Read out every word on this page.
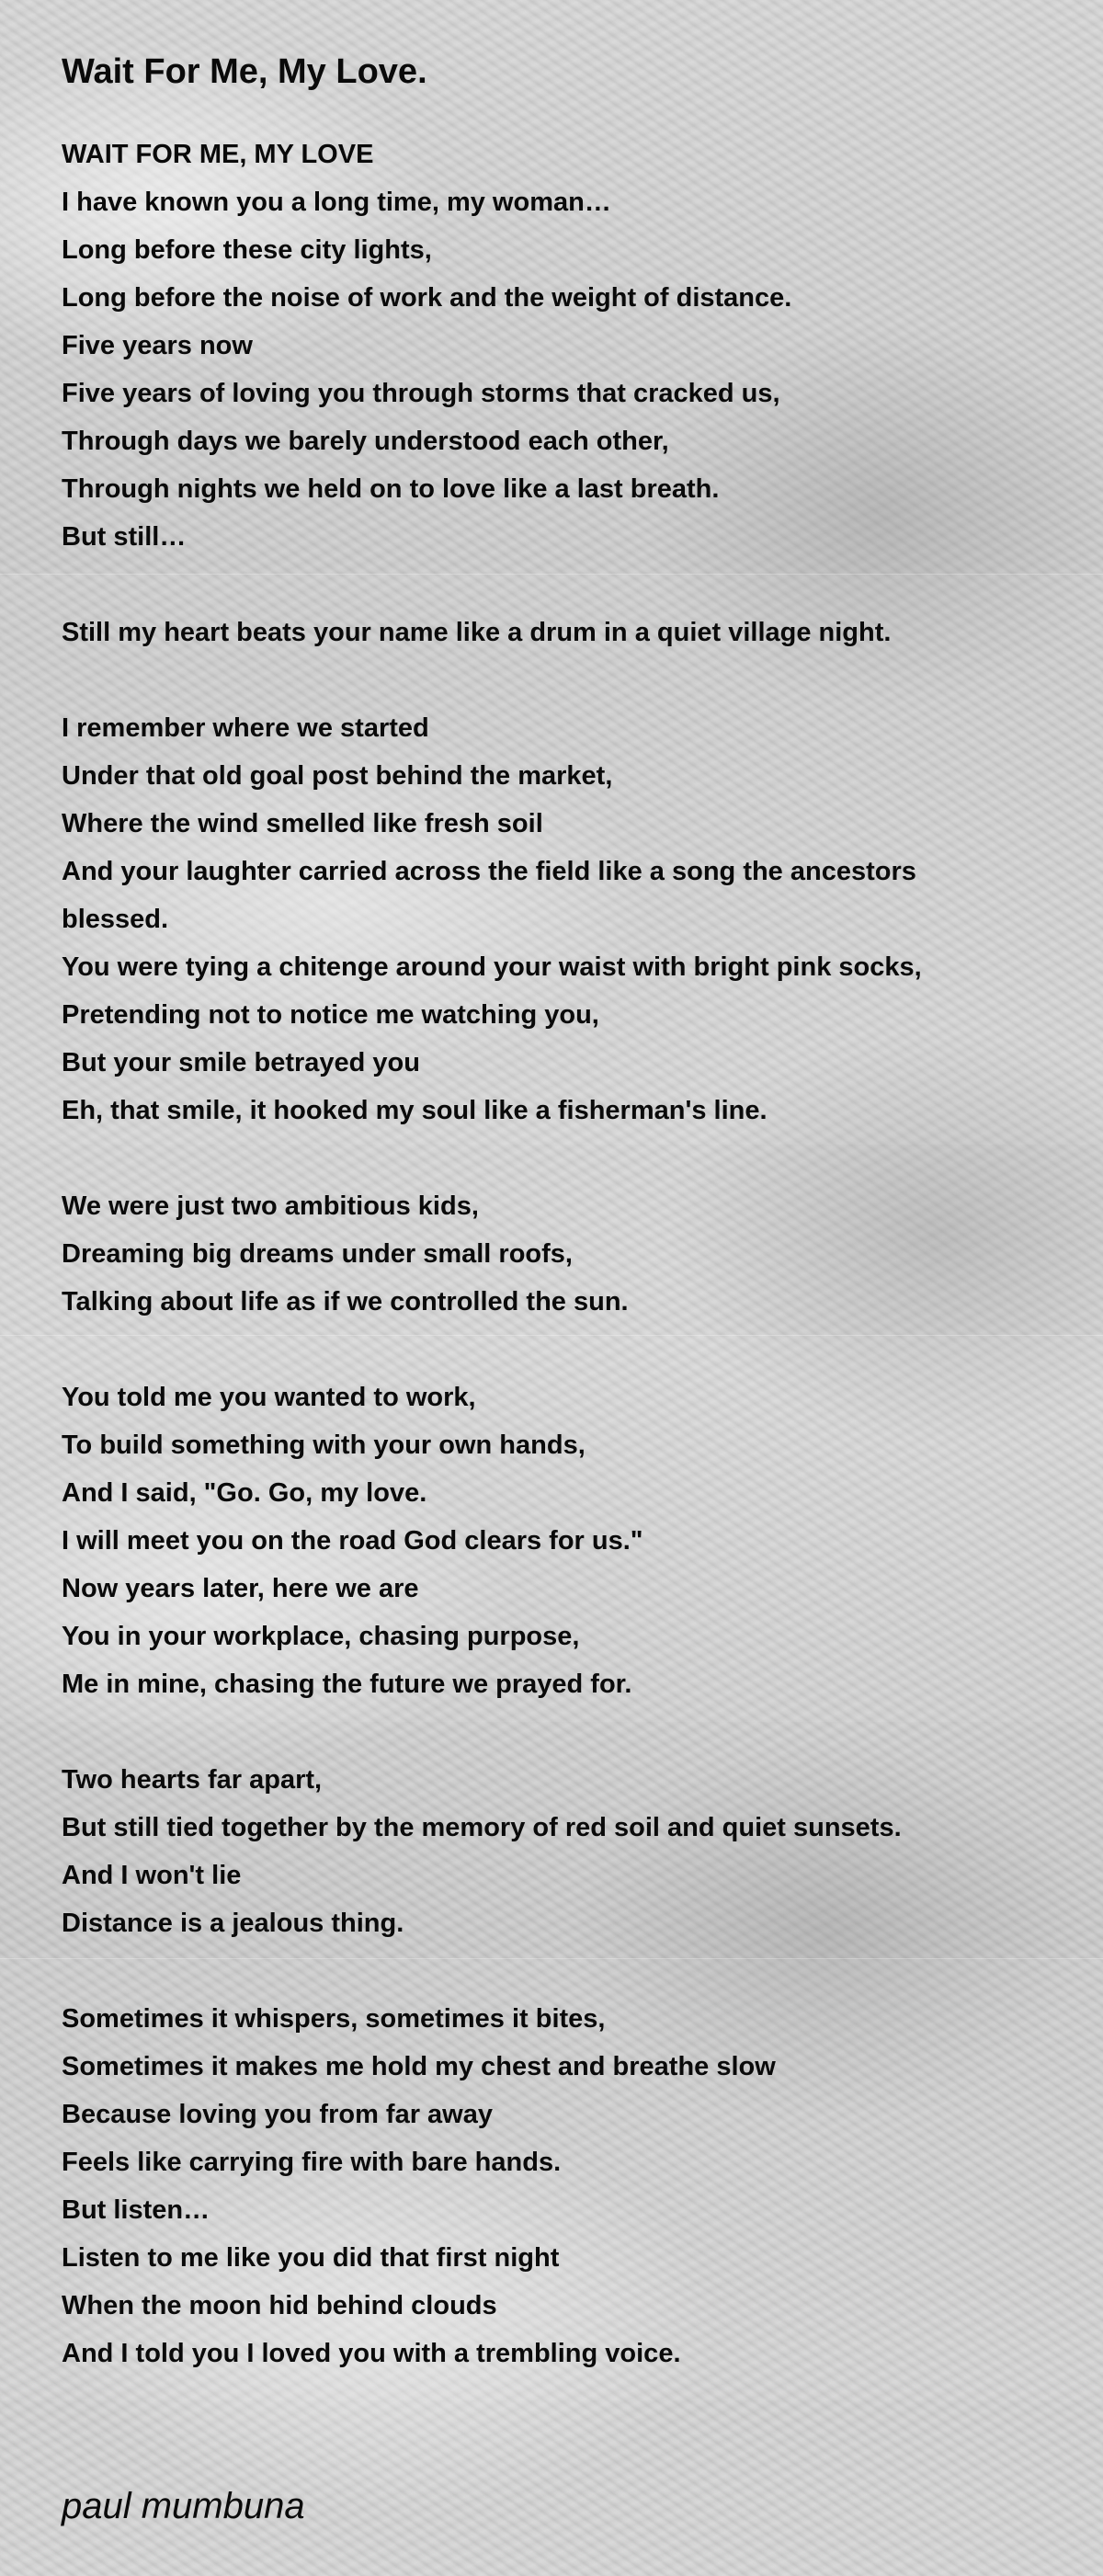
Wait For Me, My Love.
WAIT FOR ME, MY LOVE
I have known you a long time, my woman…
Long before these city lights,
Long before the noise of work and the weight of distance.
Five years now
Five years of loving you through storms that cracked us,
Through days we barely understood each other,
Through nights we held on to love like a last breath.
But still…
Still my heart beats your name like a drum in a quiet village night.
I remember where we started
Under that old goal post behind the market,
Where the wind smelled like fresh soil
And your laughter carried across the field like a song the ancestors
blessed.
You were tying a chitenge around your waist with bright pink socks,
Pretending not to notice me watching you,
But your smile betrayed you
Eh, that smile, it hooked my soul like a fisherman's line.
We were just two ambitious kids,
Dreaming big dreams under small roofs,
Talking about life as if we controlled the sun.
You told me you wanted to work,
To build something with your own hands,
And I said, "Go. Go, my love.
I will meet you on the road God clears for us."
Now years later, here we are
You in your workplace, chasing purpose,
Me in mine, chasing the future we prayed for.
Two hearts far apart,
But still tied together by the memory of red soil and quiet sunsets.
And I won't lie
Distance is a jealous thing.
Sometimes it whispers, sometimes it bites,
Sometimes it makes me hold my chest and breathe slow
Because loving you from far away
Feels like carrying fire with bare hands.
But listen…
Listen to me like you did that first night
When the moon hid behind clouds
And I told you I loved you with a trembling voice.
paul mumbuna
